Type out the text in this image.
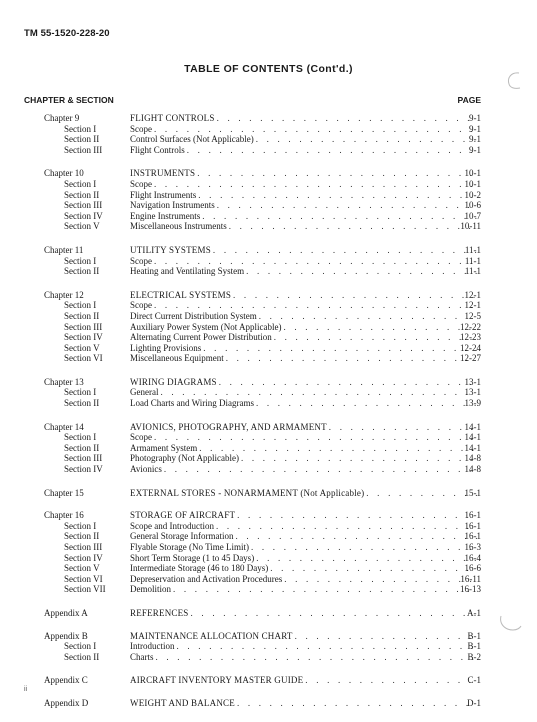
TM 55-1520-228-20
TABLE OF CONTENTS (Cont'd.)
CHAPTER & SECTION	PAGE
Chapter 9	FLIGHT CONTROLS . . .	9-1
Section I	Scope . . .	9-1
Section II	Control Surfaces (Not Applicable) . . .	9-1
Section III	Flight Controls . . .	9-1
Chapter 10	INSTRUMENTS . . .	10-1
Section I	Scope . . .	10-1
Section II	Flight Instruments . . .	10-2
Section III	Navigation Instruments . . .	10-6
Section IV	Engine Instruments . . .	10-7
Section V	Miscellaneous Instruments . . .	10-11
Chapter 11	UTILITY SYSTEMS . . .	11-1
Section I	Scope . . .	11-1
Section II	Heating and Ventilating System . . .	11-1
Chapter 12	ELECTRICAL SYSTEMS . . .	12-1
Section I	Scope . . .	12-1
Section II	Direct Current Distribution System . . .	12-5
Section III	Auxiliary Power System (Not Applicable) . . .	12-22
Section IV	Alternating Current Power Distribution . . .	12-23
Section V	Lighting Provisions . . .	12-24
Section VI	Miscellaneous Equipment . . .	12-27
Chapter 13	WIRING DIAGRAMS . . .	13-1
Section I	General . . .	13-1
Section II	Load Charts and Wiring Diagrams . . .	13-9
Chapter 14	AVIONICS, PHOTOGRAPHY, AND ARMAMENT . . .	14-1
Section I	Scope . . .	14-1
Section II	Armament System . . .	14-1
Section III	Photography (Not Applicable) . . .	14-8
Section IV	Avionics . . .	14-8
Chapter 15	EXTERNAL STORES - NONARMAMENT (Not Applicable) . . .	15-1
Chapter 16	STORAGE OF AIRCRAFT . . .	16-1
Section I	Scope and Introduction . . .	16-1
Section II	General Storage Information . . .	16-1
Section III	Flyable Storage (No Time Limit) . . .	16-3
Section IV	Short Term Storage (1 to 45 Days) . . .	16-4
Section V	Intermediate Storage (46 to 180 Days) . . .	16-6
Section VI	Depreservation and Activation Procedures . . .	16-11
Section VII	Demolition . . .	16-13
Appendix A	REFERENCES . . .	A-1
Appendix B	MAINTENANCE ALLOCATION CHART . . .	B-1
Section I	Introduction . . .	B-1
Section II	Charts . . .	B-2
Appendix C	AIRCRAFT INVENTORY MASTER GUIDE . . .	C-1
Appendix D	WEIGHT AND BALANCE . . .	D-1
ii
